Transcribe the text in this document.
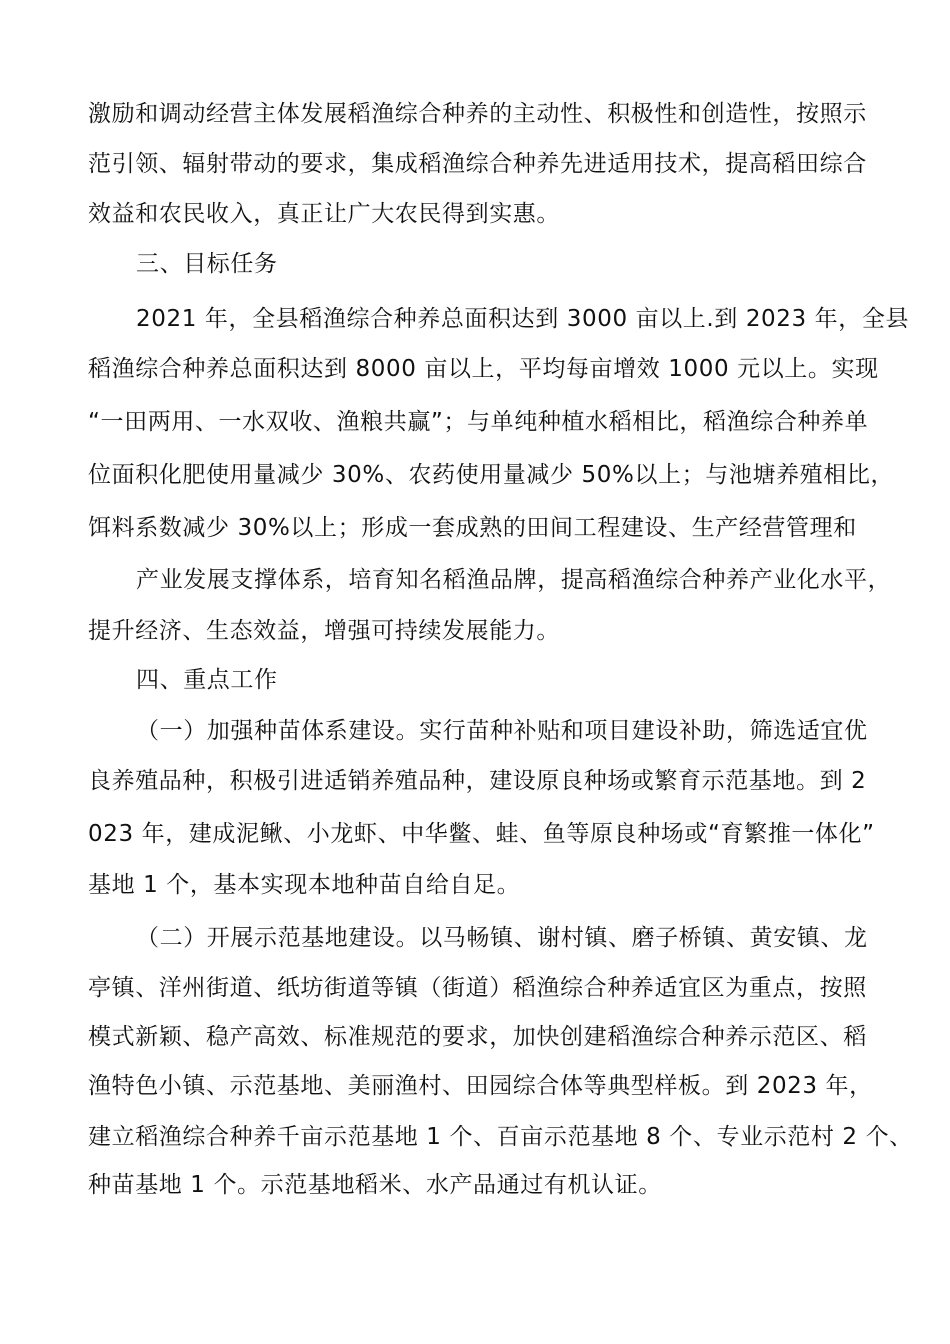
激励和调动经营主体发展稻渔综合种养的主动性、积极性和创造性，按照示
范引领、辐射带动的要求，集成稻渔综合种养先进适用技术，提高稻田综合
效益和农民收入，真正让广大农民得到实惠。
三、目标任务
2021 年，全县稻渔综合种养总面积达到 3000 亩以上.到 2023 年，全县
稻渔综合种养总面积达到 8000 亩以上，平均每亩增效 1000 元以上。实现
“一田两用、一水双收、渔粮共赢”；与单纯种植水稻相比，稻渔综合种养单
位面积化肥使用量减少 30%、农药使用量减少 50%以上；与池塘养殖相比，
饵料系数减少 30%以上；形成一套成熟的田间工程建设、生产经营管理和
产业发展支撑体系，培育知名稻渔品牌，提高稻渔综合种养产业化水平，
提升经济、生态效益，增强可持续发展能力。
四、重点工作
（一）加强种苗体系建设。实行苗种补贴和项目建设补助，筛选适宜优
良养殖品种，积极引进适销养殖品种，建设原良种场或繁育示范基地。到 2
023 年，建成泥鳅、小龙虾、中华鳖、蛙、鱼等原良种场或“育繁推一体化”
基地 1 个，基本实现本地种苗自给自足。
（二）开展示范基地建设。以马畅镇、谢村镇、磨子桥镇、黄安镇、龙
亭镇、洋州街道、纸坊街道等镇（街道）稻渔综合种养适宜区为重点，按照
模式新颖、稳产高效、标准规范的要求，加快创建稻渔综合种养示范区、稻
渔特色小镇、示范基地、美丽渔村、田园综合体等典型样板。到 2023 年，
建立稻渔综合种养千亩示范基地 1 个、百亩示范基地 8 个、专业示范村 2 个、
种苗基地 1 个。示范基地稻米、水产品通过有机认证。
